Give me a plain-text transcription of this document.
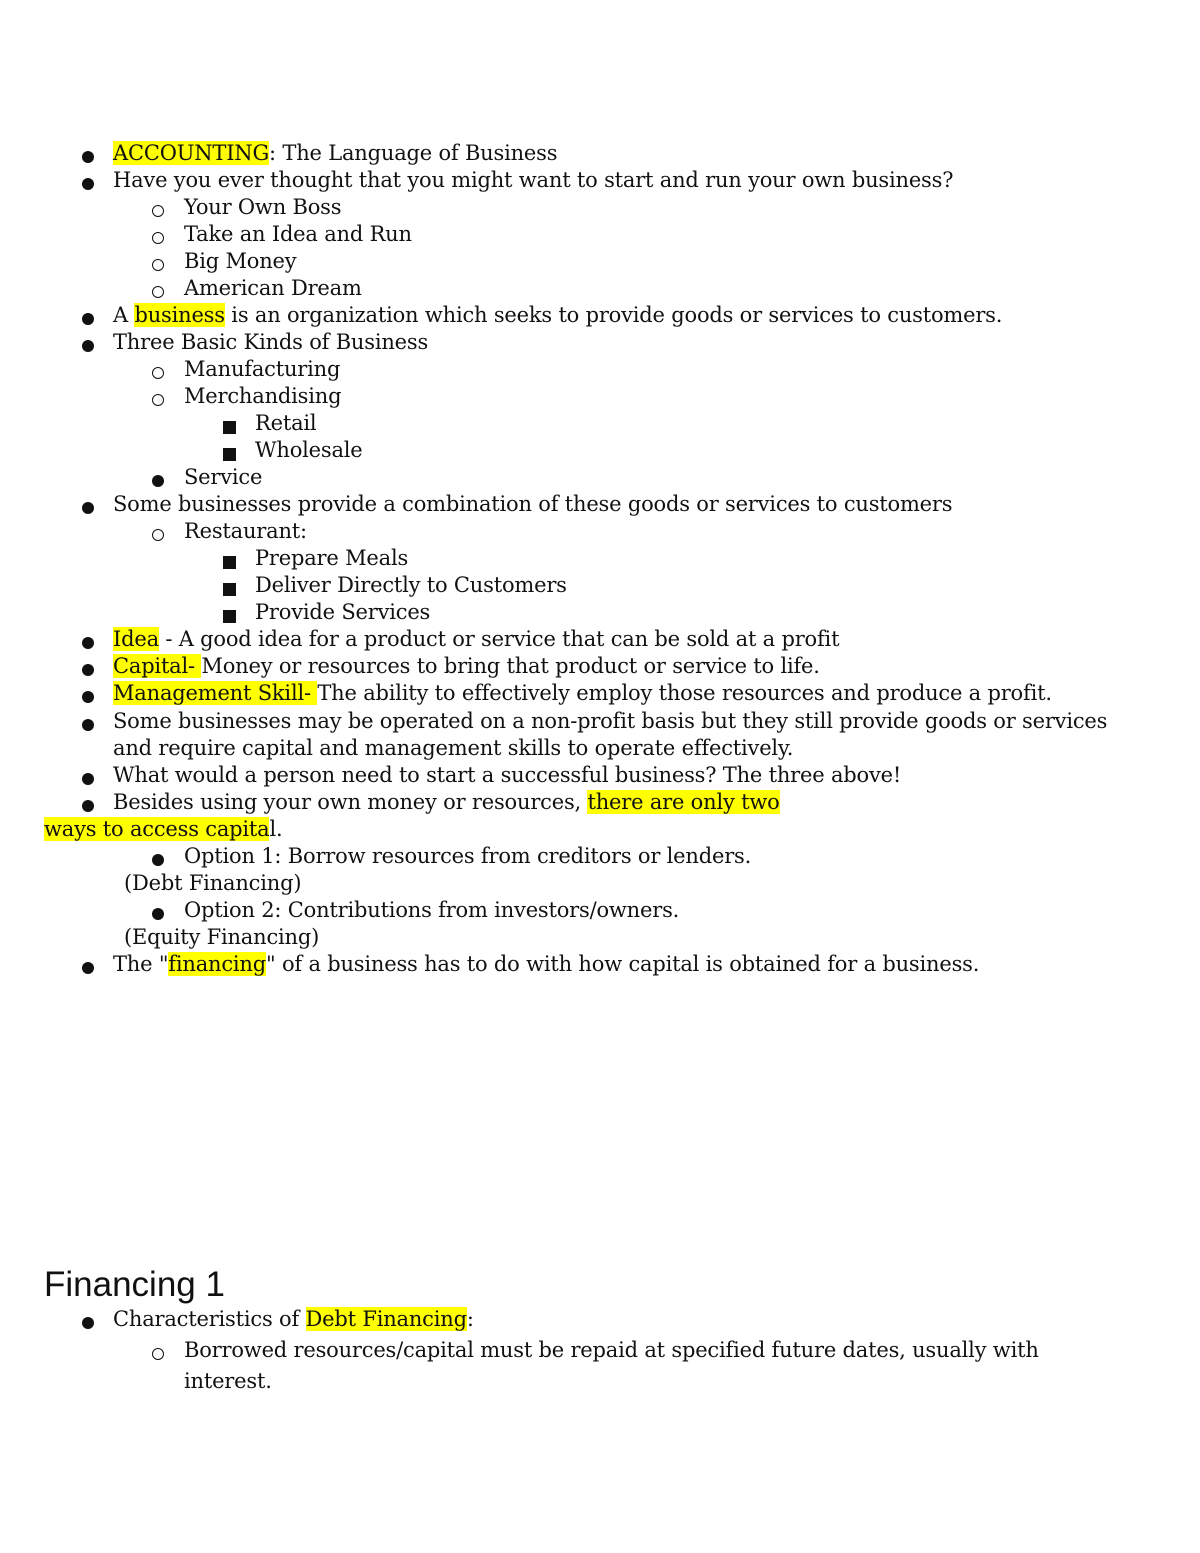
ACCOUNTING: The Language of Business
Have you ever thought that you might want to start and run your own business?
Your Own Boss
Take an Idea and Run
Big Money
American Dream
A business is an organization which seeks to provide goods or services to customers.
Three Basic Kinds of Business
Manufacturing
Merchandising
Retail
Wholesale
Service
Some businesses provide a combination of these goods or services to customers
Restaurant:
Prepare Meals
Deliver Directly to Customers
Provide Services
Idea - A good idea for a product or service that can be sold at a profit
Capital- Money or resources to bring that product or service to life.
Management Skill- The ability to effectively employ those resources and produce a profit.
Some businesses may be operated on a non-profit basis but they still provide goods or services
and require capital and management skills to operate effectively.
What would a person need to start a successful business? The three above!
Besides using your own money or resources, there are only two
ways to access capital.
Option 1: Borrow resources from creditors or lenders.
(Debt Financing)
Option 2: Contributions from investors/owners.
(Equity Financing)
The "financing" of a business has to do with how capital is obtained for a business.
Financing 1
Characteristics of Debt Financing:
Borrowed resources/capital must be repaid at specified future dates, usually with
interest.
